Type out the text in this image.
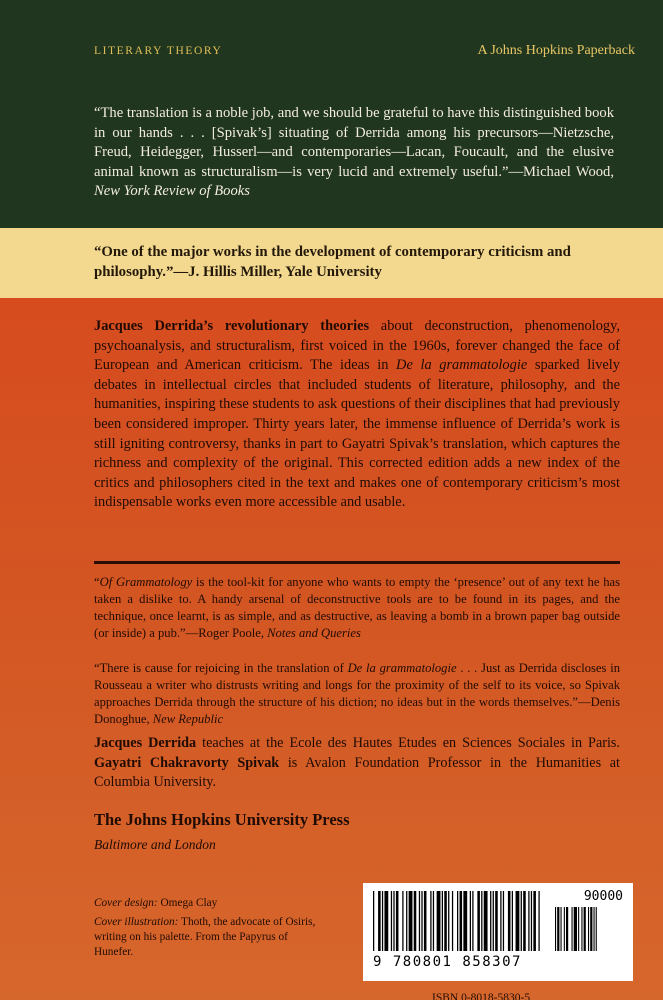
LITERARY THEORY	A Johns Hopkins Paperback
“The translation is a noble job, and we should be grateful to have this distinguished book in our hands . . . [Spivak’s] situating of Derrida among his precursors—Nietzsche, Freud, Heidegger, Husserl—and contemporaries—Lacan, Foucault, and the elusive animal known as structuralism—is very lucid and extremely useful.”—Michael Wood, New York Review of Books
“One of the major works in the development of contemporary criticism and philosophy.”—J. Hillis Miller, Yale University
Jacques Derrida’s revolutionary theories about deconstruction, phenomenology, psychoanalysis, and structuralism, first voiced in the 1960s, forever changed the face of European and American criticism. The ideas in De la grammatologie sparked lively debates in intellectual circles that included students of literature, philosophy, and the humanities, inspiring these students to ask questions of their disciplines that had previously been considered improper. Thirty years later, the immense influence of Derrida’s work is still igniting controversy, thanks in part to Gayatri Spivak’s translation, which captures the richness and complexity of the original. This corrected edition adds a new index of the critics and philosophers cited in the text and makes one of contemporary criticism’s most indispensable works even more accessible and usable.
“Of Grammatology is the tool-kit for anyone who wants to empty the ‘presence’ out of any text he has taken a dislike to. A handy arsenal of deconstructive tools are to be found in its pages, and the technique, once learnt, is as simple, and as destructive, as leaving a bomb in a brown paper bag outside (or inside) a pub.”—Roger Poole, Notes and Queries
“There is cause for rejoicing in the translation of De la grammatologie . . . Just as Derrida discloses in Rousseau a writer who distrusts writing and longs for the proximity of the self to its voice, so Spivak approaches Derrida through the structure of his diction; no ideas but in the words themselves.”—Denis Donoghue, New Republic
Jacques Derrida teaches at the Ecole des Hautes Etudes en Sciences Sociales in Paris. Gayatri Chakravorty Spivak is Avalon Foundation Professor in the Humanities at Columbia University.
The Johns Hopkins University Press
Baltimore and London

Cover design: Omega Clay

Cover illustration: Thoth, the advocate of Osiris, writing on his palette. From the Papyrus of Hunefer.

90000
9 780801 858307
ISBN 0-8018-5830-5
